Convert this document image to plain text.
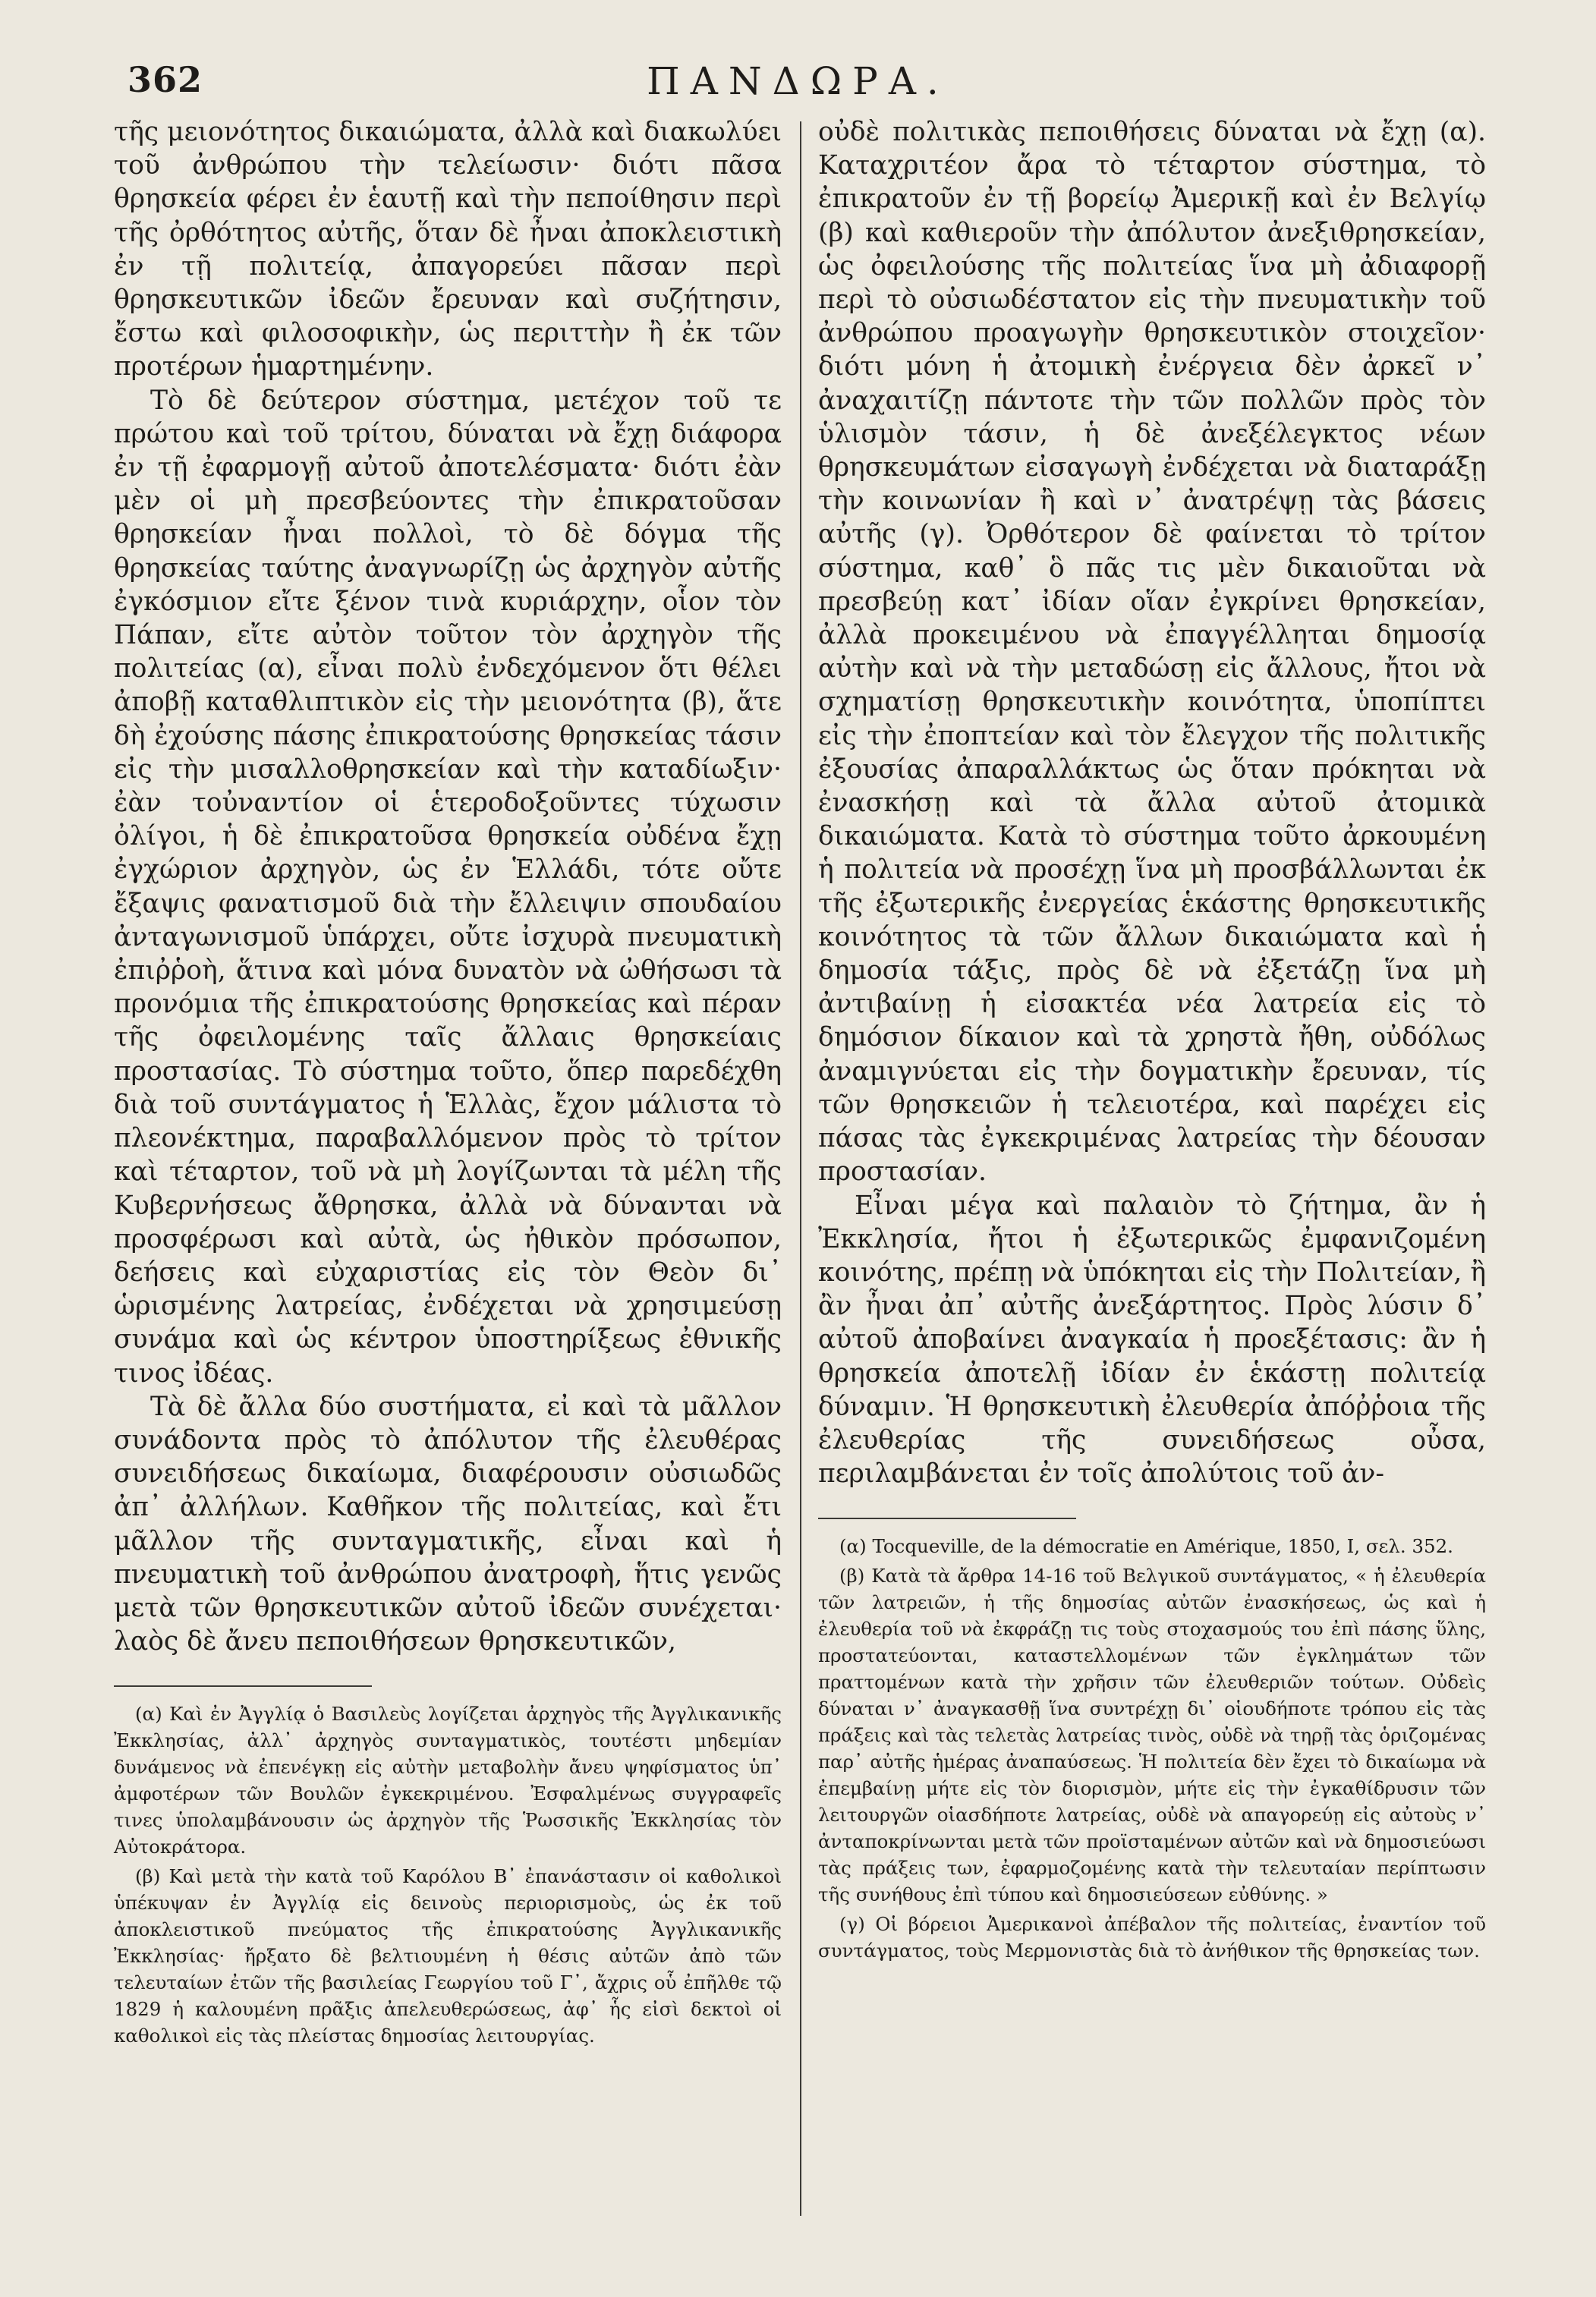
362	ΠΑΝΔΩΡΑ.

τῆς μειονότητος δικαιώματα, ἀλλὰ καὶ διακωλύει τοῦ ἀνθρώπου τὴν τελείωσιν· διότι πᾶσα θρησκεία φέρει ἐν ἑαυτῇ καὶ τὴν πεποίθησιν περὶ τῆς ὀρθότητος αὐτῆς, ὅταν δὲ ἦναι ἀποκλειστικὴ ἐν τῇ πολιτείᾳ, ἀπαγορεύει πᾶσαν περὶ θρησκευτικῶν ἰδεῶν ἔρευναν καὶ συζήτησιν, ἔστω καὶ φιλοσοφικὴν, ὡς περιττὴν ἢ ἐκ τῶν προτέρων ἡμαρτημένην.

Τὸ δὲ δεύτερον σύστημα, μετέχον τοῦ τε πρώτου καὶ τοῦ τρίτου, δύναται νὰ ἔχῃ διάφορα ἐν τῇ ἐφαρμογῇ αὐτοῦ ἀποτελέσματα· διότι ἐὰν μὲν οἱ μὴ πρεσβεύοντες τὴν ἐπικρατοῦσαν θρησκείαν ἦναι πολλοὶ, τὸ δὲ δόγμα τῆς θρησκείας ταύτης ἀναγνωρίζῃ ὡς ἀρχηγὸν αὐτῆς ἐγκόσμιον εἴτε ξένον τινὰ κυριάρχην, οἷον τὸν Πάπαν, εἴτε αὐτὸν τοῦτον τὸν ἀρχηγὸν τῆς πολιτείας (α), εἶναι πολὺ ἐνδεχόμενον ὅτι θέλει ἀποβῇ καταθλιπτικὸν εἰς τὴν μειονότητα (β), ἅτε δὴ ἐχούσης πάσης ἐπικρατούσης θρησκείας τάσιν εἰς τὴν μισαλλοθρησκείαν καὶ τὴν καταδίωξιν· ἐὰν τοὐναντίον οἱ ἑτεροδοξοῦντες τύχωσιν ὀλίγοι, ἡ δὲ ἐπικρατοῦσα θρησκεία οὐδένα ἔχῃ ἐγχώριον ἀρχηγὸν, ὡς ἐν Ἑλλάδι, τότε οὔτε ἔξαψις φανατισμοῦ διὰ τὴν ἔλλειψιν σπουδαίου ἀνταγωνισμοῦ ὑπάρχει, οὔτε ἰσχυρὰ πνευματικὴ ἐπιῤῥοὴ, ἅτινα καὶ μόνα δυνατὸν νὰ ὠθήσωσι τὰ προνόμια τῆς ἐπικρατούσης θρησκείας καὶ πέραν τῆς ὀφειλομένης ταῖς ἄλλαις θρησκείαις προστασίας. Τὸ σύστημα τοῦτο, ὅπερ παρεδέχθη διὰ τοῦ συντάγματος ἡ Ἑλλὰς, ἔχον μάλιστα τὸ πλεονέκτημα, παραβαλλόμενον πρὸς τὸ τρίτον καὶ τέταρτον, τοῦ νὰ μὴ λογίζωνται τὰ μέλη τῆς Κυβερνήσεως ἄθρησκα, ἀλλὰ νὰ δύνανται νὰ προσφέρωσι καὶ αὐτὰ, ὡς ἠθικὸν πρόσωπον, δεήσεις καὶ εὐχαριστίας εἰς τὸν Θεὸν δι᾽ ὡρισμένης λατρείας, ἐνδέχεται νὰ χρησιμεύσῃ συνάμα καὶ ὡς κέντρον ὑποστηρίξεως ἐθνικῆς τινος ἰδέας.

Τὰ δὲ ἄλλα δύο συστήματα, εἰ καὶ τὰ μᾶλλον συνάδοντα πρὸς τὸ ἀπόλυτον τῆς ἐλευθέρας συνειδήσεως δικαίωμα, διαφέρουσιν οὐσιωδῶς ἀπ᾽ ἀλλήλων. Καθῆκον τῆς πολιτείας, καὶ ἔτι μᾶλλον τῆς συνταγματικῆς, εἶναι καὶ ἡ πνευματικὴ τοῦ ἀνθρώπου ἀνατροφὴ, ἥτις γενῶς μετὰ τῶν θρησκευτικῶν αὐτοῦ ἰδεῶν συνέχεται· λαὸς δὲ ἄνευ πεποιθήσεων θρησκευτικῶν,

(α) Καὶ ἐν Ἀγγλίᾳ ὁ Βασιλεὺς λογίζεται ἀρχηγὸς τῆς Ἀγγλικανικῆς Ἐκκλησίας, ἀλλ᾽ ἀρχηγὸς συνταγματικὸς, τουτέστι μηδεμίαν δυνάμενος νὰ ἐπενέγκῃ εἰς αὐτὴν μεταβολὴν ἄνευ ψηφίσματος ὑπ᾽ ἀμφοτέρων τῶν Βουλῶν ἐγκεκριμένου. Ἐσφαλμένως συγγραφεῖς τινες ὑπολαμβάνουσιν ὡς ἀρχηγὸν τῆς Ῥωσσικῆς Ἐκκλησίας τὸν Αὐτοκράτορα.

(β) Καὶ μετὰ τὴν κατὰ τοῦ Καρόλου Β᾽ ἐπανάστασιν οἱ καθολικοὶ ὑπέκυψαν ἐν Ἀγγλίᾳ εἰς δεινοὺς περιορισμοὺς, ὡς ἐκ τοῦ ἀποκλειστικοῦ πνεύματος τῆς ἐπικρατούσης Ἀγγλικανικῆς Ἐκκλησίας· ἤρξατο δὲ βελτιουμένη ἡ θέσις αὐτῶν ἀπὸ τῶν τελευταίων ἐτῶν τῆς βασιλείας Γεωργίου τοῦ Γ᾽, ἄχρις οὗ ἐπῆλθε τῷ 1829 ἡ καλουμένη πρᾶξις ἀπελευθερώσεως, ἀφ᾽ ἧς εἰσὶ δεκτοὶ οἱ καθολικοὶ εἰς τὰς πλείστας δημοσίας λειτουργίας.

οὐδὲ πολιτικὰς πεποιθήσεις δύναται νὰ ἔχῃ (α). Καταχριτέον ἄρα τὸ τέταρτον σύστημα, τὸ ἐπικρατοῦν ἐν τῇ βορείῳ Ἀμερικῇ καὶ ἐν Βελγίῳ (β) καὶ καθιεροῦν τὴν ἀπόλυτον ἀνεξιθρησκείαν, ὡς ὀφειλούσης τῆς πολιτείας ἵνα μὴ ἀδιαφορῇ περὶ τὸ οὐσιωδέστατον εἰς τὴν πνευματικὴν τοῦ ἀνθρώπου προαγωγὴν θρησκευτικὸν στοιχεῖον· διότι μόνη ἡ ἀτομικὴ ἐνέργεια δὲν ἀρκεῖ ν᾽ ἀναχαιτίζῃ πάντοτε τὴν τῶν πολλῶν πρὸς τὸν ὑλισμὸν τάσιν, ἡ δὲ ἀνεξέλεγκτος νέων θρησκευμάτων εἰσαγωγὴ ἐνδέχεται νὰ διαταράξῃ τὴν κοινωνίαν ἢ καὶ ν᾽ ἀνατρέψῃ τὰς βάσεις αὐτῆς (γ). Ὀρθότερον δὲ φαίνεται τὸ τρίτον σύστημα, καθ᾽ ὃ πᾶς τις μὲν δικαιοῦται νὰ πρεσβεύῃ κατ᾽ ἰδίαν οἵαν ἐγκρίνει θρησκείαν, ἀλλὰ προκειμένου νὰ ἐπαγγέλληται δημοσίᾳ αὐτὴν καὶ νὰ τὴν μεταδώσῃ εἰς ἄλλους, ἤτοι νὰ σχηματίσῃ θρησκευτικὴν κοινότητα, ὑποπίπτει εἰς τὴν ἐποπτείαν καὶ τὸν ἔλεγχον τῆς πολιτικῆς ἐξουσίας ἀπαραλλάκτως ὡς ὅταν πρόκηται νὰ ἐνασκήσῃ καὶ τὰ ἄλλα αὐτοῦ ἀτομικὰ δικαιώματα. Κατὰ τὸ σύστημα τοῦτο ἀρκουμένη ἡ πολιτεία νὰ προσέχῃ ἵνα μὴ προσβάλλωνται ἐκ τῆς ἐξωτερικῆς ἐνεργείας ἑκάστης θρησκευτικῆς κοινότητος τὰ τῶν ἄλλων δικαιώματα καὶ ἡ δημοσία τάξις, πρὸς δὲ νὰ ἐξετάζῃ ἵνα μὴ ἀντιβαίνῃ ἡ εἰσακτέα νέα λατρεία εἰς τὸ δημόσιον δίκαιον καὶ τὰ χρηστὰ ἤθη, οὐδόλως ἀναμιγνύεται εἰς τὴν δογματικὴν ἔρευναν, τίς τῶν θρησκειῶν ἡ τελειοτέρα, καὶ παρέχει εἰς πάσας τὰς ἐγκεκριμένας λατρείας τὴν δέουσαν προστασίαν.

Εἶναι μέγα καὶ παλαιὸν τὸ ζήτημα, ἂν ἡ Ἐκκλησία, ἤτοι ἡ ἐξωτερικῶς ἐμφανιζομένη κοινότης, πρέπῃ νὰ ὑπόκηται εἰς τὴν Πολιτείαν, ἢ ἂν ἦναι ἀπ᾽ αὐτῆς ἀνεξάρτητος. Πρὸς λύσιν δ᾽ αὐτοῦ ἀποβαίνει ἀναγκαία ἡ προεξέτασις: ἂν ἡ θρησκεία ἀποτελῇ ἰδίαν ἐν ἑκάστῃ πολιτείᾳ δύναμιν. Ἡ θρησκευτικὴ ἐλευθερία ἀπόῤῥοια τῆς ἐλευθερίας τῆς συνειδήσεως οὖσα, περιλαμβάνεται ἐν τοῖς ἀπολύτοις τοῦ ἀν-

(α) Tocqueville, de la démocratie en Amérique, 1850, I, σελ. 352.

(β) Κατὰ τὰ ἄρθρα 14-16 τοῦ Βελγικοῦ συντάγματος, « ἡ ἐλευθερία τῶν λατρειῶν, ἡ τῆς δημοσίας αὐτῶν ἐνασκήσεως, ὡς καὶ ἡ ἐλευθερία τοῦ νὰ ἐκφράζῃ τις τοὺς στοχασμούς του ἐπὶ πάσης ὕλης, προστατεύονται, καταστελλομένων τῶν ἐγκλημάτων τῶν πραττομένων κατὰ τὴν χρῆσιν τῶν ἐλευθεριῶν τούτων. Οὐδεὶς δύναται ν᾽ ἀναγκασθῇ ἵνα συντρέχῃ δι᾽ οἱουδήποτε τρόπου εἰς τὰς πράξεις καὶ τὰς τελετὰς λατρείας τινὸς, οὐδὲ νὰ τηρῇ τὰς ὁριζομένας παρ᾽ αὐτῆς ἡμέρας ἀναπαύσεως. Ἡ πολιτεία δὲν ἔχει τὸ δικαίωμα νὰ ἐπεμβαίνῃ μήτε εἰς τὸν διορισμὸν, μήτε εἰς τὴν ἐγκαθίδρυσιν τῶν λειτουργῶν οἱασδήποτε λατρείας, οὐδὲ νὰ απαγορεύῃ εἰς αὐτοὺς ν᾽ ἀνταποκρίνωνται μετὰ τῶν προϊσταμένων αὐτῶν καὶ νὰ δημοσιεύωσι τὰς πράξεις των, ἐφαρμοζομένης κατὰ τὴν τελευταίαν περίπτωσιν τῆς συνήθους ἐπὶ τύπου καὶ δημοσιεύσεων εὐθύνης. »

(γ) Οἱ βόρειοι Ἀμερικανοὶ ἀπέβαλον τῆς πολιτείας, ἐναντίον τοῦ συντάγματος, τοὺς Μερμονιστὰς διὰ τὸ ἀνήθικον τῆς θρησκείας των.
